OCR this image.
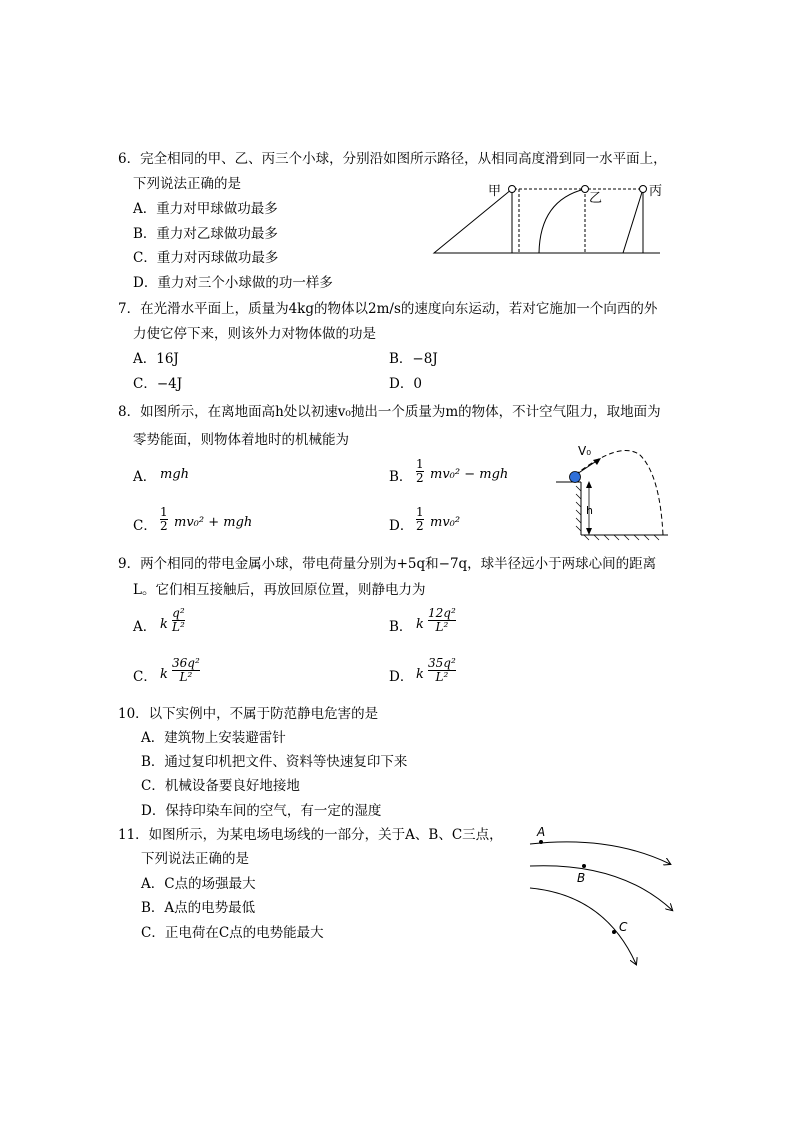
6．完全相同的甲、乙、丙三个小球，分别沿如图所示路径，从相同高度滑到同一水平面上，
下列说法正确的是
A．重力对甲球做功最多
B．重力对乙球做功最多
C．重力对丙球做功最多
D．重力对三个小球做的功一样多
甲	乙	丙
7．在光滑水平面上，质量为4kg的物体以2m/s的速度向东运动，若对它施加一个向西的外
力使它停下来，则该外力对物体做的功是
A．16J	B．−8J
C．−4J	D．0
8．如图所示，在离地面高h处以初速v₀抛出一个质量为m的物体，不计空气阻力，取地面为
零势能面，则物体着地时的机械能为
A． mgh	B．
1
2 mv₀² − mgh
C．
1
2 mv₀² + mgh	D．
1
2 mv₀²
V₀
h
9．两个相同的带电金属小球，带电荷量分别为+5q和−7q，球半径远小于两球心间的距离
L。它们相互接触后，再放回原位置，则静电力为
A． k
q²
L²	B． k
12q²
L²
C． k
36q²
L²	D． k
35q²
L²
10．以下实例中，不属于防范静电危害的是
A．建筑物上安装避雷针
B．通过复印机把文件、资料等快速复印下来
C．机械设备要良好地接地
D．保持印染车间的空气，有一定的湿度
11．如图所示，为某电场电场线的一部分，关于A、B、C三点，
下列说法正确的是
A．C点的场强最大
B．A点的电势最低
C．正电荷在C点的电势能最大
A
B
C
